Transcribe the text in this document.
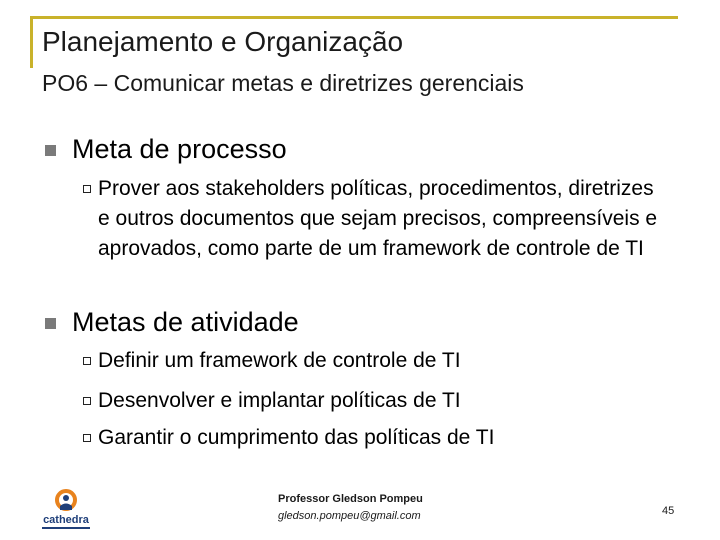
Planejamento e Organização
PO6 – Comunicar metas e diretrizes gerenciais
Meta de processo
Prover aos stakeholders políticas, procedimentos, diretrizes e outros documentos que sejam precisos, compreensíveis e aprovados, como parte de um framework de controle de TI
Metas de atividade
Definir um framework de controle de TI
Desenvolver e implantar políticas de TI
Garantir o cumprimento das políticas de TI
cathedra
Professor Gledson Pompeu
gledson.pompeu@gmail.com	45
